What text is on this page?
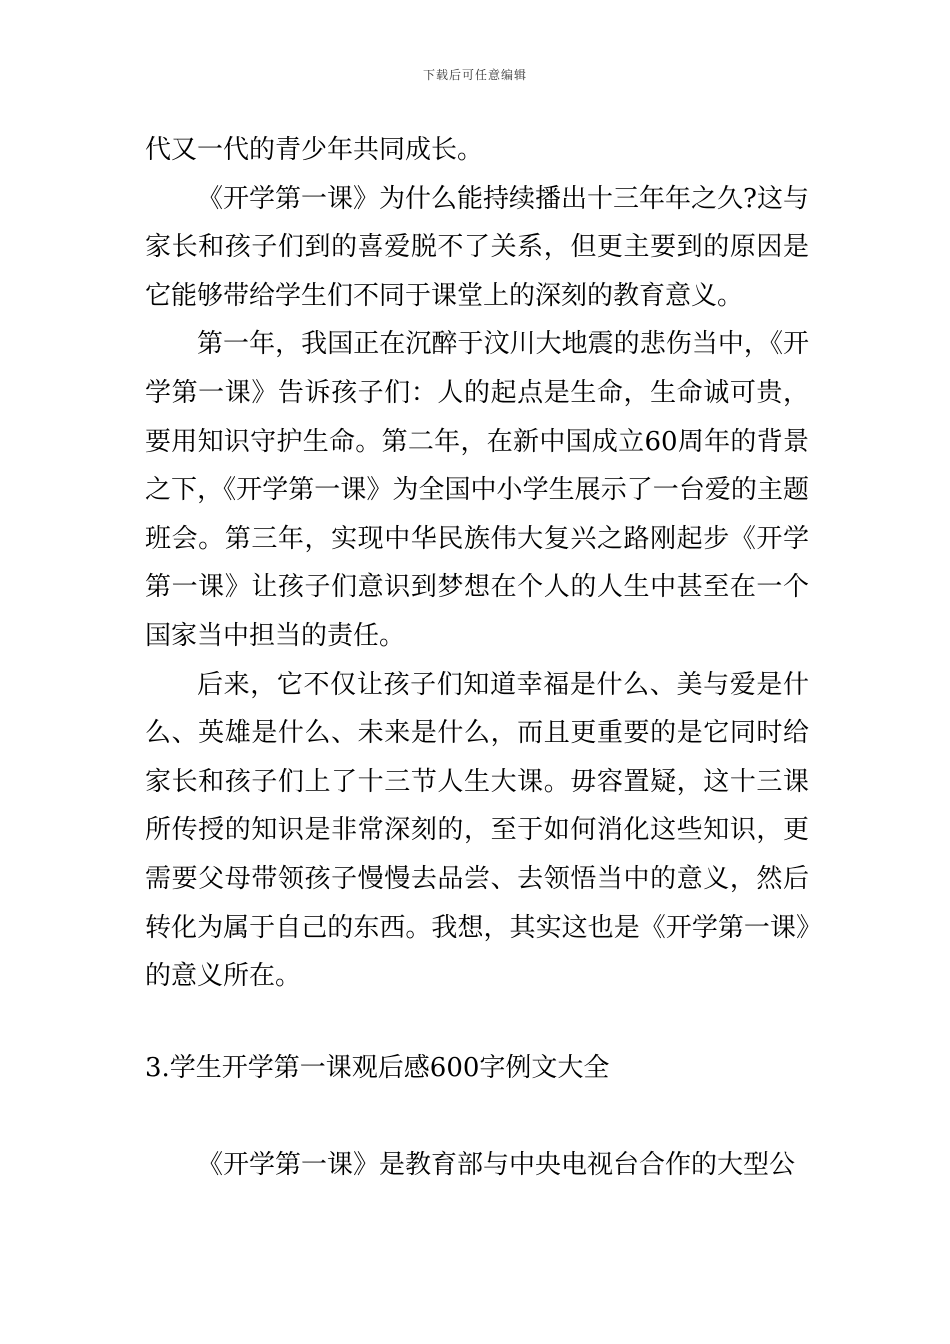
下载后可任意编辑

代又一代的青少年共同成长。

《开学第一课》为什么能持续播出十三年年之久?这与家长和孩子们到的喜爱脱不了关系，但更主要到的原因是它能够带给学生们不同于课堂上的深刻的教育意义。

第一年，我国正在沉醉于汶川大地震的悲伤当中，《开学第一课》告诉孩子们：人的起点是生命，生命诚可贵，要用知识守护生命。第二年，在新中国成立60周年的背景之下，《开学第一课》为全国中小学生展示了一台爱的主题班会。第三年，实现中华民族伟大复兴之路刚起步《开学第一课》让孩子们意识到梦想在个人的人生中甚至在一个国家当中担当的责任。

后来，它不仅让孩子们知道幸福是什么、美与爱是什么、英雄是什么、未来是什么，而且更重要的是它同时给家长和孩子们上了十三节人生大课。毋容置疑，这十三课所传授的知识是非常深刻的，至于如何消化这些知识，更需要父母带领孩子慢慢去品尝、去领悟当中的意义，然后转化为属于自己的东西。我想，其实这也是《开学第一课》的意义所在。

3.学生开学第一课观后感600字例文大全

《开学第一课》是教育部与中央电视台合作的大型公
